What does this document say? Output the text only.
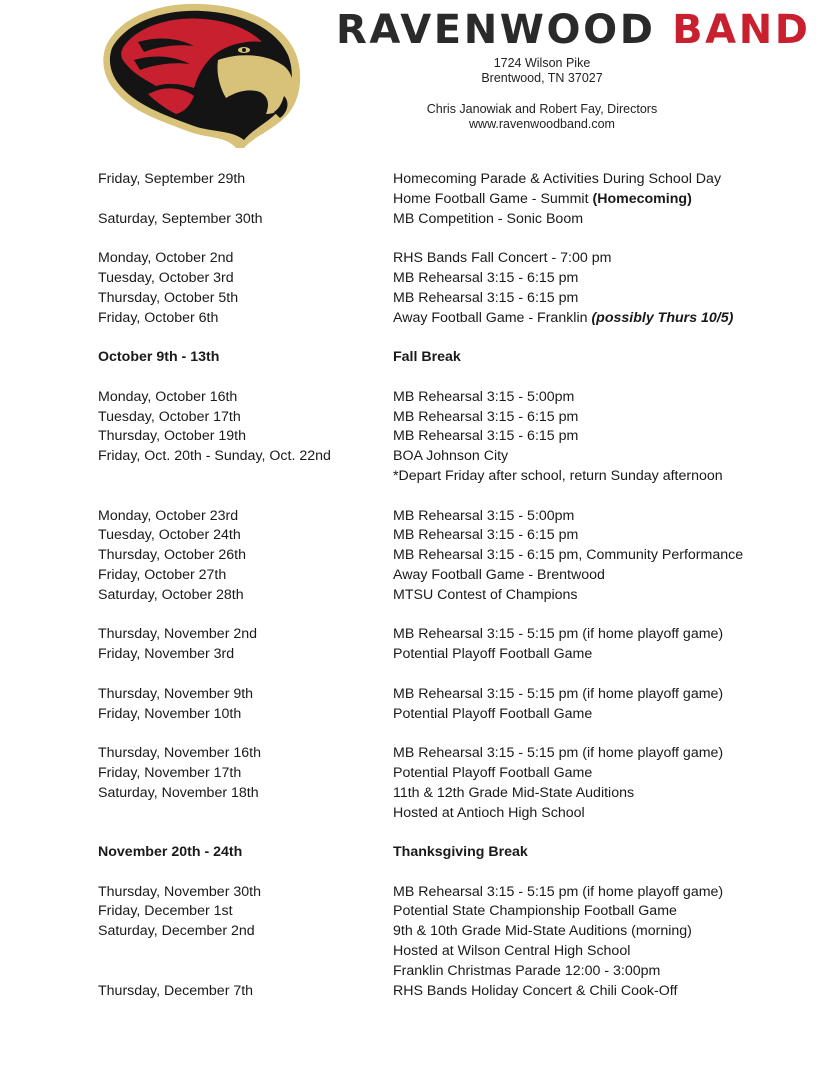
RAVENWOOD BAND
1724 Wilson Pike
Brentwood, TN 37027
Chris Janowiak and Robert Fay, Directors
www.ravenwoodband.com
Friday, September 29th	Homecoming Parade & Activities During School Day
Home Football Game - Summit (Homecoming)
Saturday, September 30th	MB Competition - Sonic Boom
Monday, October 2nd	RHS Bands Fall Concert - 7:00 pm
Tuesday, October 3rd	MB Rehearsal 3:15 - 6:15 pm
Thursday, October 5th	MB Rehearsal 3:15 - 6:15 pm
Friday, October 6th	Away Football Game - Franklin (possibly Thurs 10/5)
October 9th - 13th	Fall Break
Monday, October 16th	MB Rehearsal 3:15 - 5:00pm
Tuesday, October 17th	MB Rehearsal 3:15 - 6:15 pm
Thursday, October 19th	MB Rehearsal 3:15 - 6:15 pm
Friday, Oct. 20th - Sunday, Oct. 22nd	BOA Johnson City
*Depart Friday after school, return Sunday afternoon
Monday, October 23rd	MB Rehearsal 3:15 - 5:00pm
Tuesday, October 24th	MB Rehearsal 3:15 - 6:15 pm
Thursday, October 26th	MB Rehearsal 3:15 - 6:15 pm, Community Performance
Friday, October 27th	Away Football Game - Brentwood
Saturday, October 28th	MTSU Contest of Champions
Thursday, November 2nd	MB Rehearsal 3:15 - 5:15 pm (if home playoff game)
Friday, November 3rd	Potential Playoff Football Game
Thursday, November 9th	MB Rehearsal 3:15 - 5:15 pm (if home playoff game)
Friday, November 10th	Potential Playoff Football Game
Thursday, November 16th	MB Rehearsal 3:15 - 5:15 pm (if home playoff game)
Friday, November 17th	Potential Playoff Football Game
Saturday, November 18th	11th & 12th Grade Mid-State Auditions
Hosted at Antioch High School
November 20th - 24th	Thanksgiving Break
Thursday, November 30th	MB Rehearsal 3:15 - 5:15 pm (if home playoff game)
Friday, December 1st	Potential State Championship Football Game
Saturday, December 2nd	9th & 10th Grade Mid-State Auditions (morning)
Hosted at Wilson Central High School
Franklin Christmas Parade 12:00 - 3:00pm
Thursday, December 7th	RHS Bands Holiday Concert & Chili Cook-Off
